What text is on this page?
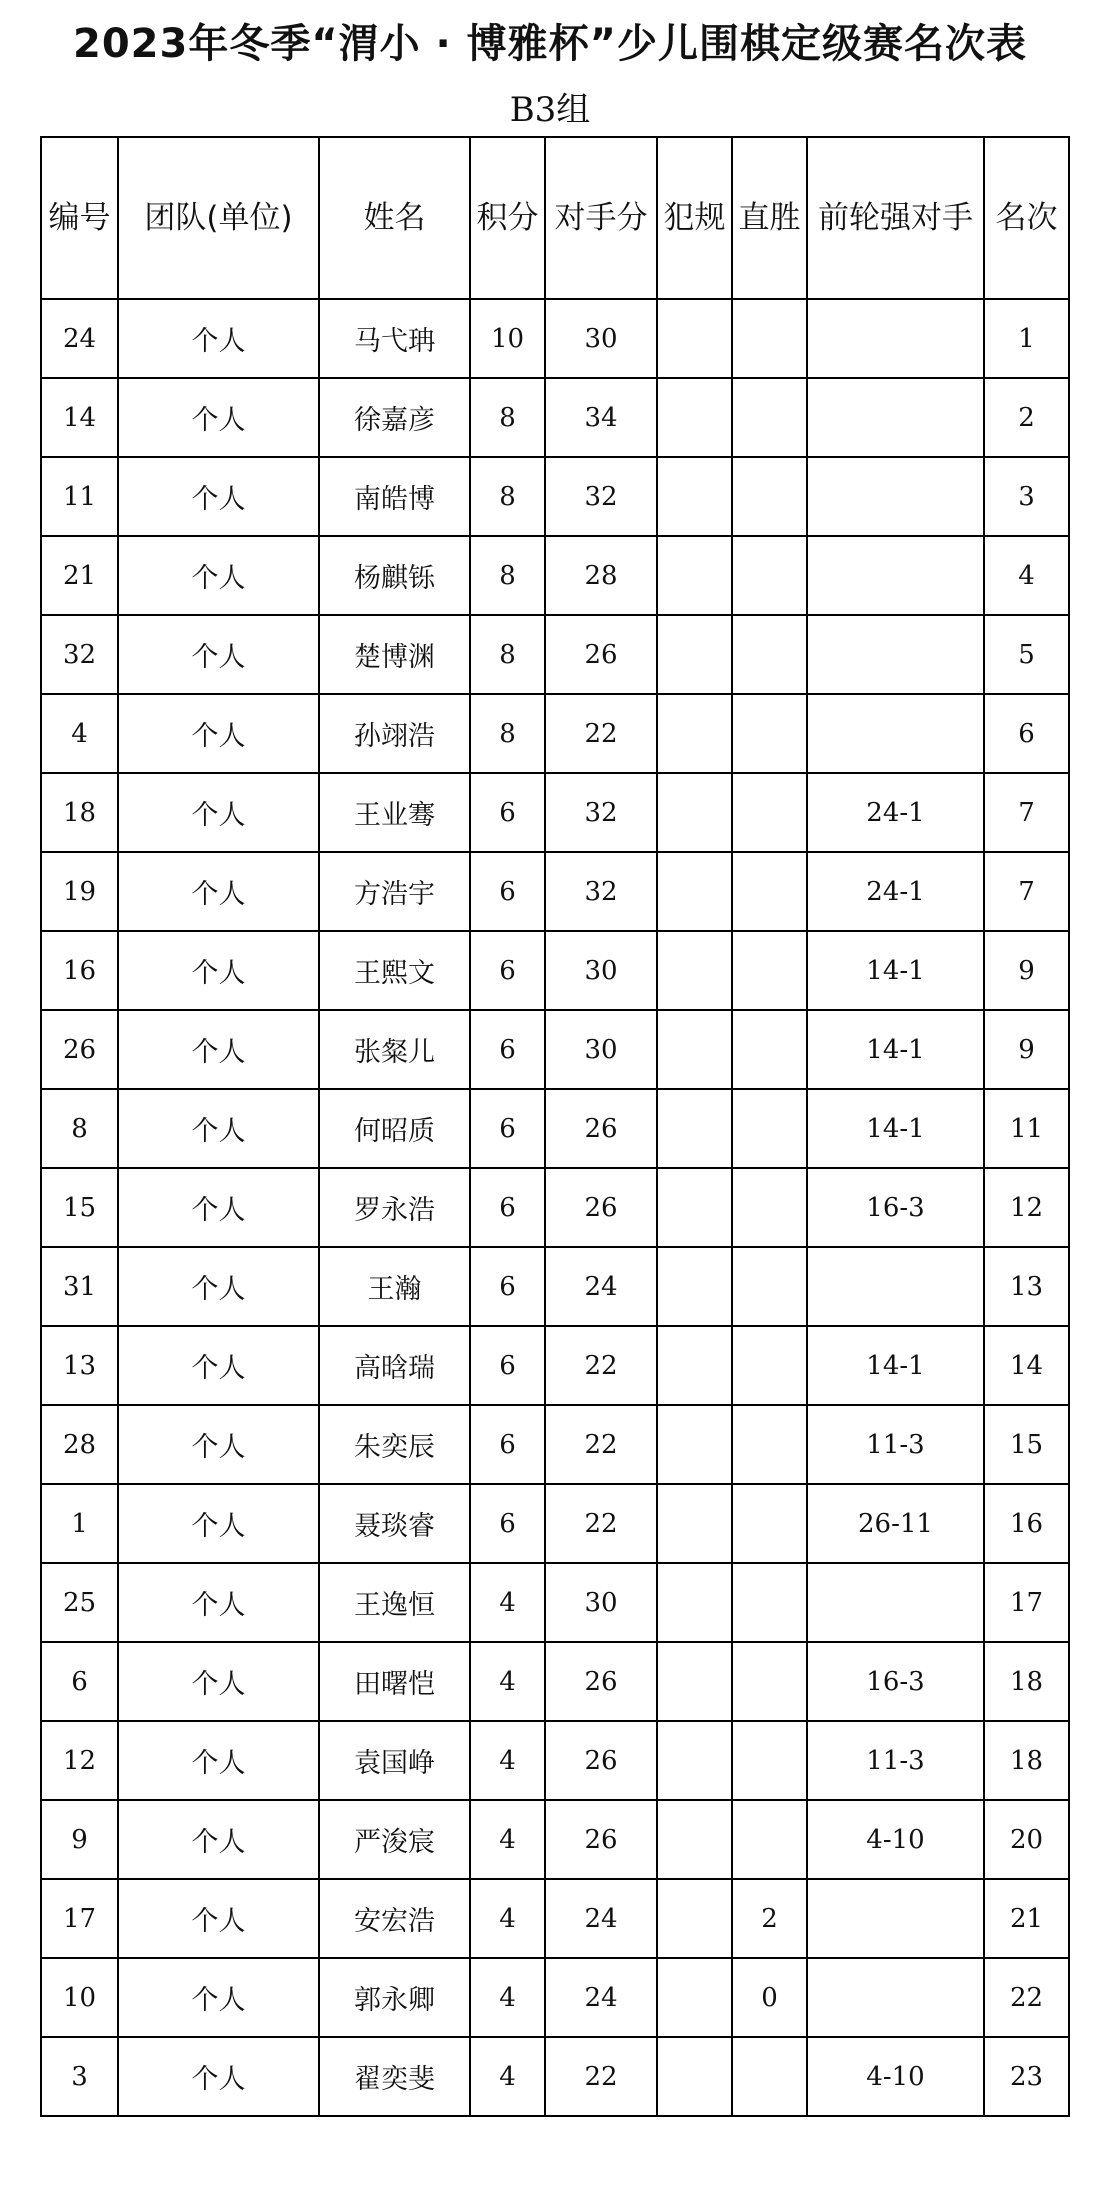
2023年冬季“渭小 · 博雅杯”少儿围棋定级赛名次表
B3组
编号	团队(单位)	姓名	积分	对手分	犯规	直胜	前轮强对手	名次
24	个人	马弋珃	10	30				1
14	个人	徐嘉彦	8	34				2
11	个人	南皓博	8	32				3
21	个人	杨麒铄	8	28				4
32	个人	楚博渊	8	26				5
4	个人	孙翊浩	8	22				6
18	个人	王业骞	6	32			24-1	7
19	个人	方浩宇	6	32			24-1	7
16	个人	王熙文	6	30			14-1	9
26	个人	张粲儿	6	30			14-1	9
8	个人	何昭质	6	26			14-1	11
15	个人	罗永浩	6	26			16-3	12
31	个人	王瀚	6	24				13
13	个人	高晗瑞	6	22			14-1	14
28	个人	朱奕辰	6	22			11-3	15
1	个人	聂琰睿	6	22			26-11	16
25	个人	王逸恒	4	30				17
6	个人	田曙恺	4	26			16-3	18
12	个人	袁国峥	4	26			11-3	18
9	个人	严浚宸	4	26			4-10	20
17	个人	安宏浩	4	24		2		21
10	个人	郭永卿	4	24		0		22
3	个人	翟奕斐	4	22			4-10	23
